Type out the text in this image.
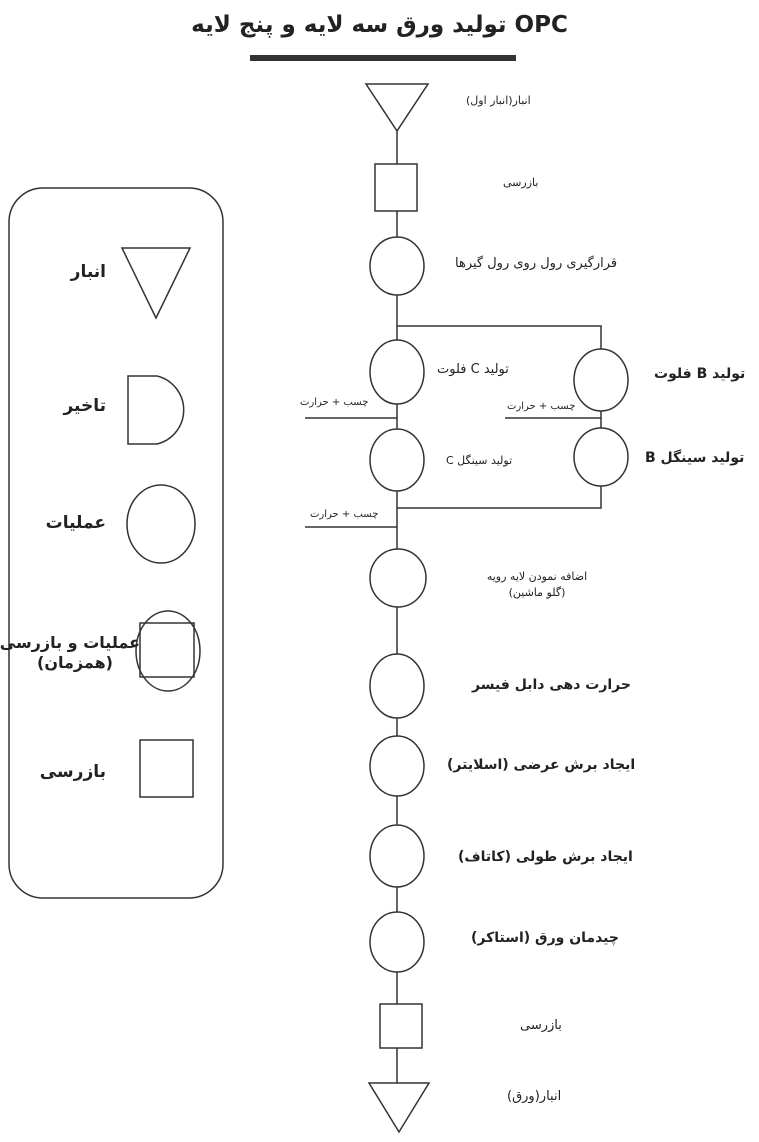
OPC تولید ورق سه لایه و پنج لایه
انبار
تاخیر
عملیات
عملیات و بازرسی
(همزمان)
بازرسی
انبار(انبار اول)
بازرسی
قرارگیری رول روی رول گیرها
تولید C فلوت
تولید سینگل C
تولید B فلوت
تولید سینگل B
چسب + حرارت	چسب + حرارت
چسب + حرارت
اضافه نمودن لایه رویه
(گلو ماشین)
حرارت دهی دابل فیسر
ایجاد برش عرضی (اسلایتر)
ایجاد برش طولی (کاتاف)
چیدمان ورق (استاکر)
بازرسی
انبار(ورق)
